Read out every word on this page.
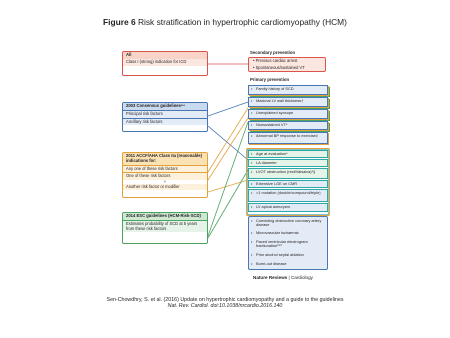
Figure 6 Risk stratification in hypertrophic cardiomyopathy (HCM)
All
Class I (strong) indication for ICD
2003 Consensus guidelines⁸⁴
Principal risk factors
Ancillary risk factors
2011 ACCF/AHA Class IIa (reasonable) indications for:
Any one of these risk factors
One of these risk factors
+
Another risk factor or modifier
2014 ESC guidelines (HCM-Risk-SCD)
Estimates probability of SCD at 5 years from these risk factors
Secondary prevention
• Previous cardiac arrest
• Spontaneous/sustained VT
Primary prevention
• Family history of SCD
• Maximal LV wall thickness†
• Unexplained syncope
• Nonsustained VT*
• Abnormal BP response to exercise‡
• Age at evaluation*
• LA diameter
• LVOT obstruction (rest/Valsalva)*§
• Extensive LGE on CMR
• >1 mutation (double/compound/triple)
• LV apical aneurysm
• Coexisting obstructive coronary artery disease
• Microvascular ischaemia
• Paced ventricular electrogram fractionation¹⁹⁰
• Prior alcohol septal ablation
• Burnt-out disease
Nature Reviews | Cardiology
Sen-Chowdhry, S. et al. (2016) Update on hypertrophic cardiomyopathy and a guide to the guidelines
Nat. Rev. Cardiol. doi:10.1038/nrcardio.2016.140
